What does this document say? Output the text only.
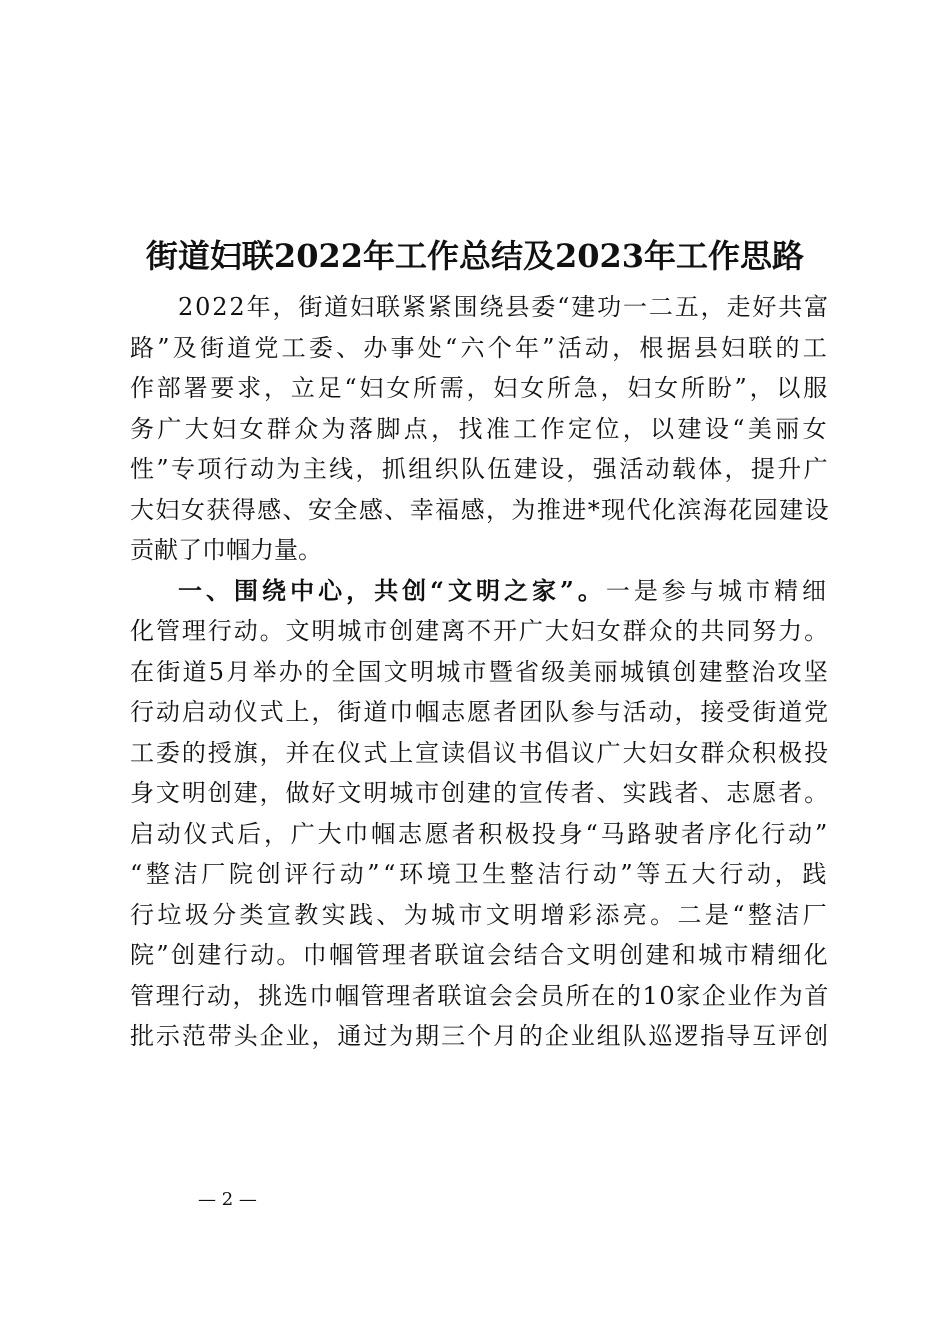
街道妇联2022年工作总结及2023年工作思路
2022年，街道妇联紧紧围绕县委“建功一二五，走好共富
路”及街道党工委、办事处“六个年”活动，根据县妇联的工
作部署要求，立足“妇女所需，妇女所急，妇女所盼”，以服
务广大妇女群众为落脚点，找准工作定位，以建设“美丽女
性”专项行动为主线，抓组织队伍建设，强活动载体，提升广
大妇女获得感、安全感、幸福感，为推进*现代化滨海花园建设
贡献了巾帼力量。
一、围绕中心，共创“文明之家”。一是参与城市精细
化管理行动。文明城市创建离不开广大妇女群众的共同努力。
在街道5月举办的全国文明城市暨省级美丽城镇创建整治攻坚
行动启动仪式上，街道巾帼志愿者团队参与活动，接受街道党
工委的授旗，并在仪式上宣读倡议书倡议广大妇女群众积极投
身文明创建，做好文明城市创建的宣传者、实践者、志愿者。
启动仪式后，广大巾帼志愿者积极投身“马路驶者序化行动”
“整洁厂院创评行动”“环境卫生整洁行动”等五大行动，践
行垃圾分类宣教实践、为城市文明增彩添亮。二是“整洁厂
院”创建行动。巾帼管理者联谊会结合文明创建和城市精细化
管理行动，挑选巾帼管理者联谊会会员所在的10家企业作为首
批示范带头企业，通过为期三个月的企业组队巡逻指导互评创
— 2 —
